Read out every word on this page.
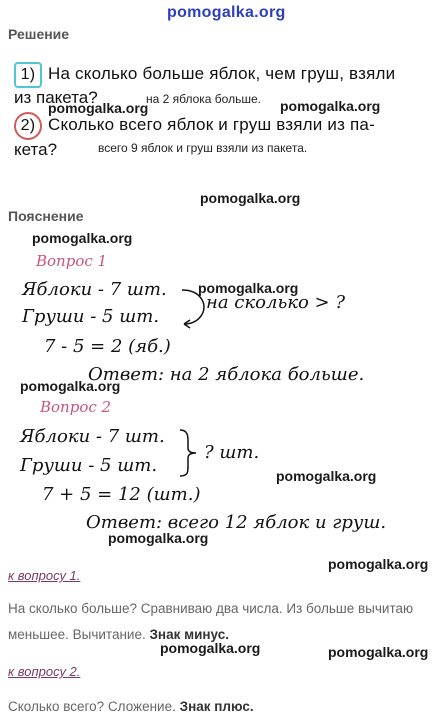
pomogalka.org
pomogalka.org	pomogalka.org
pomogalka.org
pomogalka.org
pomogalka.org
pomogalka.org
pomogalka.org
pomogalka.org
pomogalka.org
pomogalka.org	pomogalka.org
Решение
1) На сколько больше яблок, чем груш, взяли
из пакета?	на 2 яблока больше.
2) Сколько всего яблок и груш взяли из па-
кета?	всего 9 яблок и груш взяли из пакета.
Пояснение
Вопрос 1
Яблоки - 7 шт.
Груши - 5 шт.
на сколько > ?
7 - 5 = 2 (яб.)
Ответ: на 2 яблока больше.
Вопрос 2
Яблоки - 7 шт.
Груши - 5 шт.
? шт.
7 + 5 = 12 (шт.)
Ответ: всего 12 яблок и груш.
к вопросу 1.
На сколько больше? Сравниваю два числа. Из больше вычитаю меньшее. Вычитание. Знак минус.
к вопросу 2.
Сколько всего? Сложение. Знак плюс.
